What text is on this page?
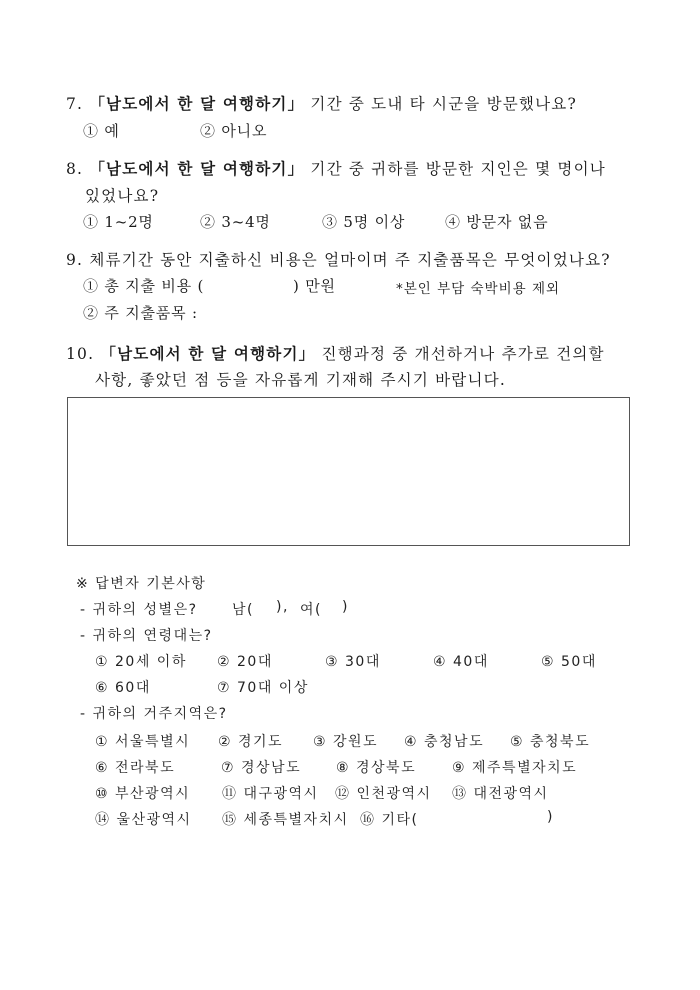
7. 「남도에서 한 달 여행하기」 기간 중 도내 타 시군을 방문했나요?
① 예	② 아니오
8. 「남도에서 한 달 여행하기」 기간 중 귀하를 방문한 지인은 몇 명이나
있었나요?
① 1~2명	② 3~4명	③ 5명 이상	④ 방문자 없음
9. 체류기간 동안 지출하신 비용은 얼마이며 주 지출품목은 무엇이었나요?
① 총 지출 비용 (	) 만원	*본인 부담 숙박비용 제외
② 주 지출품목 :
10. 「남도에서 한 달 여행하기」 진행과정 중 개선하거나 추가로 건의할
사항, 좋았던 점 등을 자유롭게 기재해 주시기 바랍니다.
※ 답변자 기본사항
- 귀하의 성별은? 남( ), 여( )
- 귀하의 연령대는?
① 20세 이하 ② 20대	③ 30대	④ 40대	⑤ 50대
⑥ 60대	⑦ 70대 이상
- 귀하의 거주지역은?
① 서울특별시 ② 경기도 ③ 강원도 ④ 충청남도 ⑤ 충청북도
⑥ 전라북도	⑦ 경상남도 ⑧ 경상북도	⑨ 제주특별자치도
⑩ 부산광역시 ⑪ 대구광역시 ⑫ 인천광역시 ⑬ 대전광역시
⑭ 울산광역시 ⑮ 세종특별자치시 ⑯ 기타(	)
